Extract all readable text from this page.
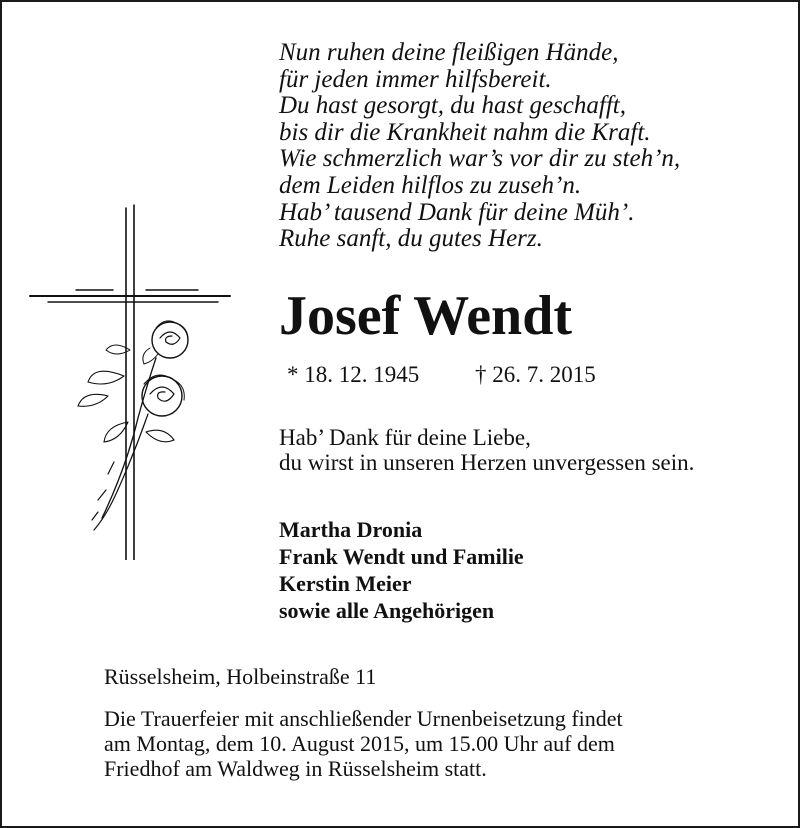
Nun ruhen deine fleißigen Hände,
für jeden immer hilfsbereit.
Du hast gesorgt, du hast geschafft,
bis dir die Krankheit nahm die Kraft.
Wie schmerzlich war’s vor dir zu steh’n,
dem Leiden hilflos zu zuseh’n.
Hab’ tausend Dank für deine Müh’.
Ruhe sanft, du gutes Herz.
Josef Wendt
* 18. 12. 1945 † 26. 7. 2015
Hab’ Dank für deine Liebe,
du wirst in unseren Herzen unvergessen sein.
Martha Dronia
Frank Wendt und Familie
Kerstin Meier
sowie alle Angehörigen
Rüsselsheim, Holbeinstraße 11
Die Trauerfeier mit anschließender Urnenbeisetzung findet
am Montag, dem 10. August 2015, um 15.00 Uhr auf dem
Friedhof am Waldweg in Rüsselsheim statt.
